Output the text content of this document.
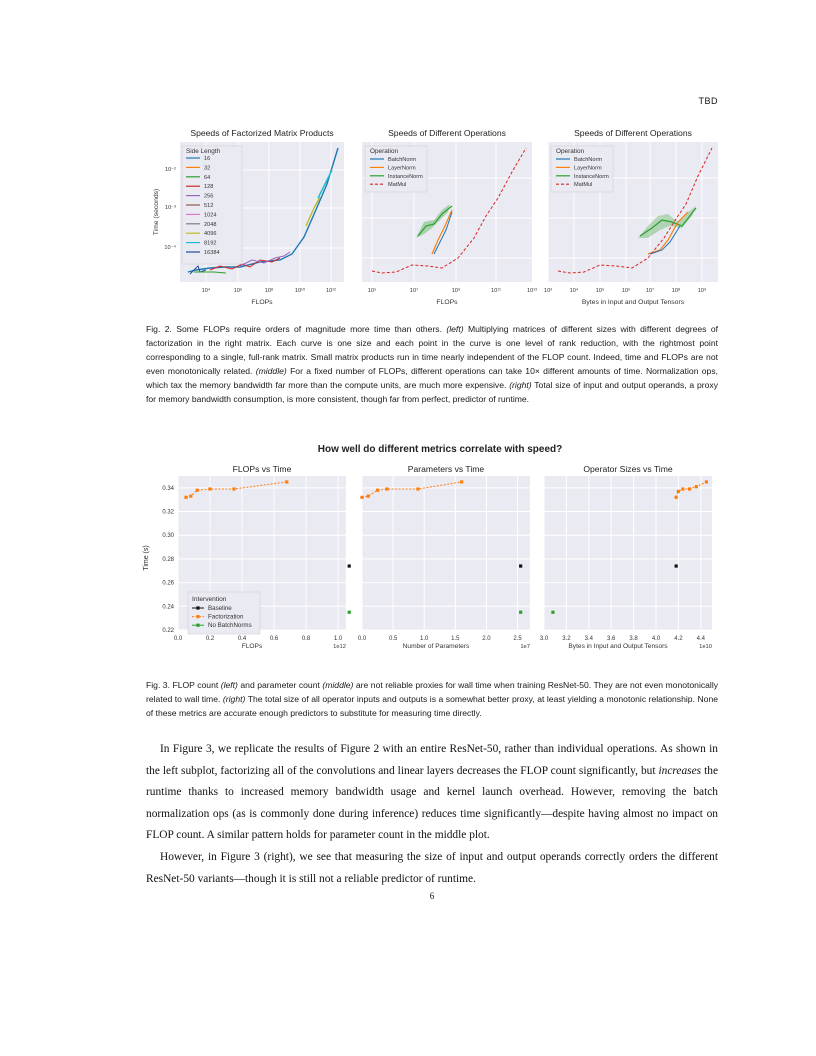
TBD
Side Length
16
32
64
128
256
512
1024
2048
4096
8192
16384
10⁻²
10⁻³
10⁻⁴
Time (seconds)
10⁴	10⁶	10⁸	10¹⁰	10¹²
FLOPs
Speeds of Factorized Matrix Products
Operation
BatchNorm
LayerNorm
InstanceNorm
MatMul
10⁵	10⁷	10⁹	10¹¹	10¹³
FLOPs
Speeds of Different Operations
Operation
BatchNorm
LayerNorm
InstanceNorm
MatMul
10³	10⁴	10⁵	10⁶	10⁷	10⁸	10⁹
Bytes in Input and Output Tensors
Speeds of Different Operations
Fig. 2. Some FLOPs require orders of magnitude more time than others. (left) Multiplying matrices of different sizes with different degrees of factorization in the right matrix. Each curve is one size and each point in the curve is one level of rank reduction, with the rightmost point corresponding to a single, full-rank matrix. Small matrix products run in time nearly independent of the FLOP count. Indeed, time and FLOPs are not even monotonically related. (middle) For a fixed number of FLOPs, different operations can take 10× different amounts of time. Normalization ops, which tax the memory bandwidth far more than the compute units, are much more expensive. (right) Total size of input and output operands, a proxy for memory bandwidth consumption, is more consistent, though far from perfect, predictor of runtime.
How well do different metrics correlate with speed?
Time (s)
0.22
0.24
0.26
0.28
0.30
0.32
0.34
0.0	0.2	0.4	0.6	0.8	1.0
1e12
FLOPs
FLOPs vs Time
0.0	0.5	1.0	1.5	2.0	2.5
1e7
Number of Parameters
Parameters vs Time
3.0 3.2 3.4 3.6 3.8 4.0 4.2 4.4
1e10
Bytes in Input and Output Tensors
Operator Sizes vs Time
Intervention
Baseline
Factorization
No BatchNorms
Fig. 3. FLOP count (left) and parameter count (middle) are not reliable proxies for wall time when training ResNet-50. They are not even monotonically related to wall time. (right) The total size of all operator inputs and outputs is a somewhat better proxy, at least yielding a monotonic relationship. None of these metrics are accurate enough predictors to substitute for measuring time directly.

In Figure 3, we replicate the results of Figure 2 with an entire ResNet-50, rather than individual operations. As shown in the left subplot, factorizing all of the convolutions and linear layers decreases the FLOP count significantly, but increases the runtime thanks to increased memory bandwidth usage and kernel launch overhead. However, removing the batch normalization ops (as is commonly done during inference) reduces time significantly—despite having almost no impact on FLOP count. A similar pattern holds for parameter count in the middle plot.

However, in Figure 3 (right), we see that measuring the size of input and output operands correctly orders the different ResNet-50 variants—though it is still not a reliable predictor of runtime.

6
